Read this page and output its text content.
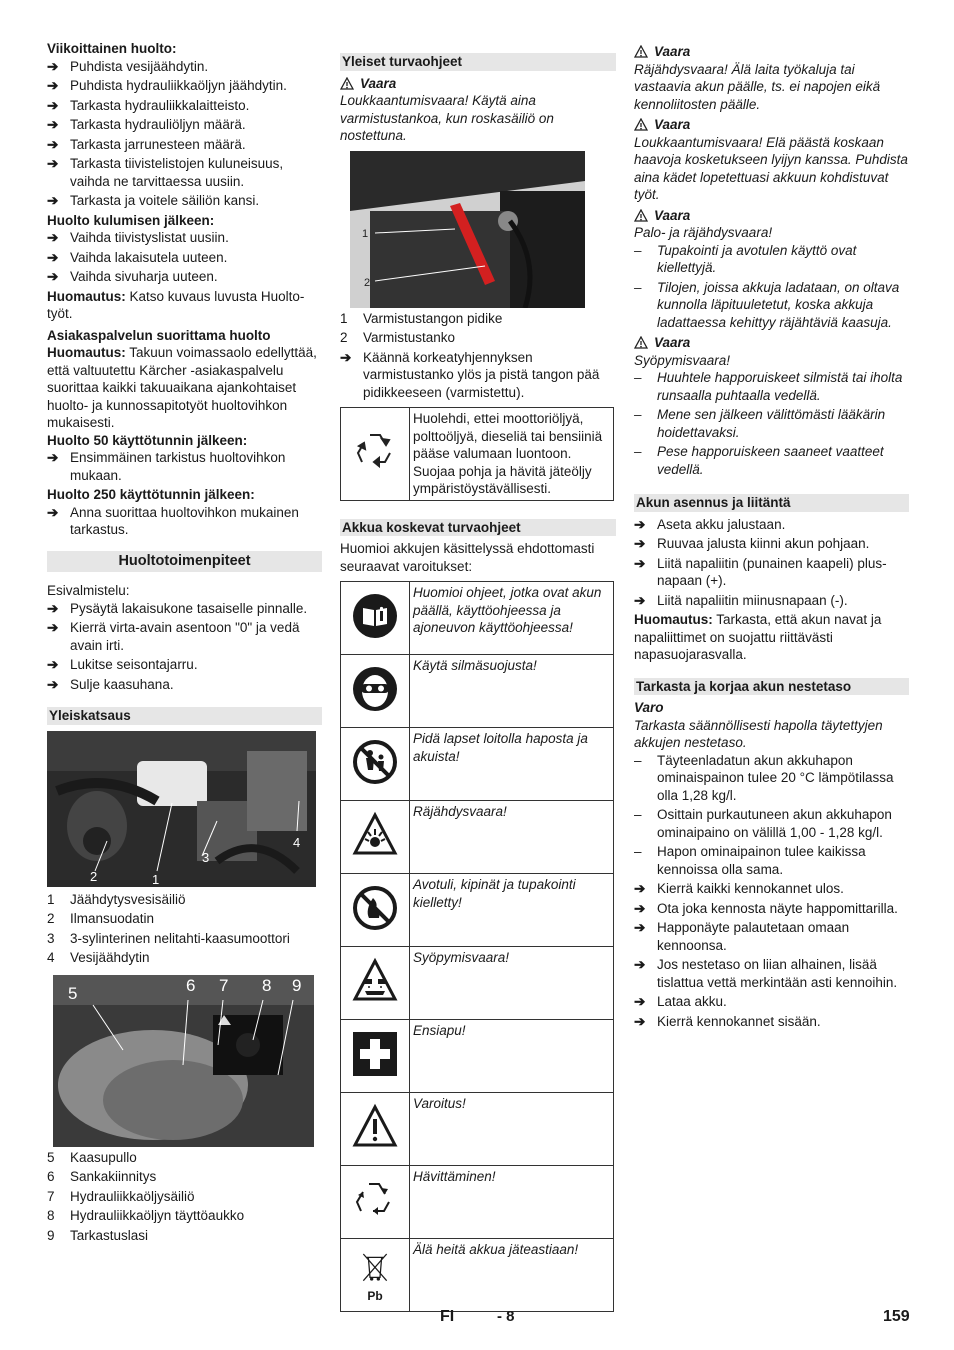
Viikoittainen huolto:

➔ Puhdista vesijäähdytin.
➔ Puhdista hydrauliikkaöljyn jäähdytin.
➔ Tarkasta hydrauliikkalaitteisto.
➔ Tarkasta hydrauliöljyn määrä.
➔ Tarkasta jarrunesteen määrä.
➔ Tarkasta tiivistelistojen kuluneisuus, vaihda ne tarvittaessa uusiin.
➔ Tarkasta ja voitele säiliön kansi.

Huolto kulumisen jälkeen:

➔ Vaihda tiivistyslistat uusiin.
➔ Vaihda lakaisutela uuteen.
➔ Vaihda sivuharja uuteen.

Huomautus: Katso kuvaus luvusta Huolto-työt.

Asiakaspalvelun suorittama huolto

Huomautus: Takuun voimassaolo edellyttää, että valtuutettu Kärcher -asiakaspalvelu suorittaa kaikki takuuaikana ajankohtaiset huolto- ja kunnossapitotyöt huoltovihkon mukaisesti.

Huolto 50 käyttötunnin jälkeen:

➔ Ensimmäinen tarkistus huoltovihkon mukaan.

Huolto 250 käyttötunnin jälkeen:

➔ Anna suorittaa huoltovihkon mukainen tarkastus.
Huoltotoimenpiteet

Esivalmistelu:

➔ Pysäytä lakaisukone tasaiselle pinnalle.
➔ Kierrä virta-avain asentoon "0" ja vedä avain irti.
➔ Lukitse seisontajarru.
➔ Sulje kaasuhana.
Yleiskatsaus
2	1
3
4
1	Jäähdytysvesisäiliö
2	Ilmansuodatin
3	3-sylinterinen nelitahti-kaasumoottori
4	Vesijäähdytin
5	6 7 8 9
5	Kaasupullo
6	Sankakiinnitys
7	Hydrauliikkaöljysäiliö
8	Hydrauliikkaöljyn täyttöaukko
9	Tarkastuslasi
Yleiset turvaohjeet
Vaara

Loukkaantumisvaara! Käytä aina varmistustankoa, kun roskasäiliö on nostettuna.

1
2
1	Varmistustangon pidike
2	Varmistustanko
➔ Käännä korkeatyhjennyksen varmistustanko ylös ja pistä tangon pää pidikkeeseen (varmistettu).
	Huolehdi, ettei moottoriöljyä, polttoöljyä, dieseliä tai bensiiniä pääse valumaan luontoon. Suojaa pohja ja hävitä jäteöljy ympäristöystävällisesti.
Akkua koskevat turvaohjeet

Huomioi akkujen käsittelyssä ehdottomasti seuraavat varoitukset:

	Huomioi ohjeet, jotka ovat akun päällä, käyttöohjeessa ja ajoneuvon käyttöohjeessa!
	Käytä silmäsuojusta!
	Pidä lapset loitolla haposta ja akuista!
	Räjähdysvaara!
	Avotuli, kipinät ja tupakointi kielletty!
	Syöpymisvaara!
	Ensiapu!
	Varoitus!
	Hävittäminen!

Pb	Älä heitä akkua jäteastiaan!
Vaara

Räjähdysvaara! Älä laita työkaluja tai vastaavia akun päälle, ts. ei napojen eikä kennoliitosten päälle.

Vaara

Loukkaantumisvaara! Elä päästä koskaan haavoja kosketukseen lyijyn kanssa. Puhdista aina kädet lopetettuasi akkuun kohdistuvat työt.

Vaara

Palo- ja räjähdysvaara!

–	Tupakointi ja avotulen käyttö ovat kiellettyjä.
–	Tilojen, joissa akkuja ladataan, on oltava kunnolla läpituuletetut, koska akkuja ladattaessa kehittyy räjähtäviä kaasuja.
Vaara

Syöpymisvaara!

–	Huuhtele happoruiskeet silmistä tai iholta runsaalla puhtaalla vedellä.
–	Mene sen jälkeen välittömästi lääkärin hoidettavaksi.
–	Pese happoruiskeen saaneet vaatteet vedellä.
Akun asennus ja liitäntä
➔ Aseta akku jalustaan.
➔ Ruuvaa jalusta kiinni akun pohjaan.
➔ Liitä napaliitin (punainen kaapeli) plus-napaan (+).
➔ Liitä napaliitin miinusnapaan (-).

Huomautus: Tarkasta, että akun navat ja napaliittimet on suojattu riittävästi napasuojarasvalla.

Tarkasta ja korjaa akun nestetaso

Varo

Tarkasta säännöllisesti hapolla täytettyjen akkujen nestetaso.

–	Täyteenladatun akun akkuhapon ominaispainon tulee 20 °C lämpötilassa olla 1,28 kg/l.
–	Osittain purkautuneen akun akkuhapon ominaipaino on välillä 1,00 - 1,28 kg/l.
–	Hapon ominaipainon tulee kaikissa kennoissa olla sama.
➔ Kierrä kaikki kennokannet ulos.
➔ Ota joka kennosta näyte happomittarilla.
➔ Happonäyte palautetaan omaan kennoonsa.
➔ Jos nestetaso on liian alhainen, lisää tislattua vettä merkintään asti kennoihin.
➔ Lataa akku.
➔ Kierrä kennokannet sisään.
FI	- 8	159
